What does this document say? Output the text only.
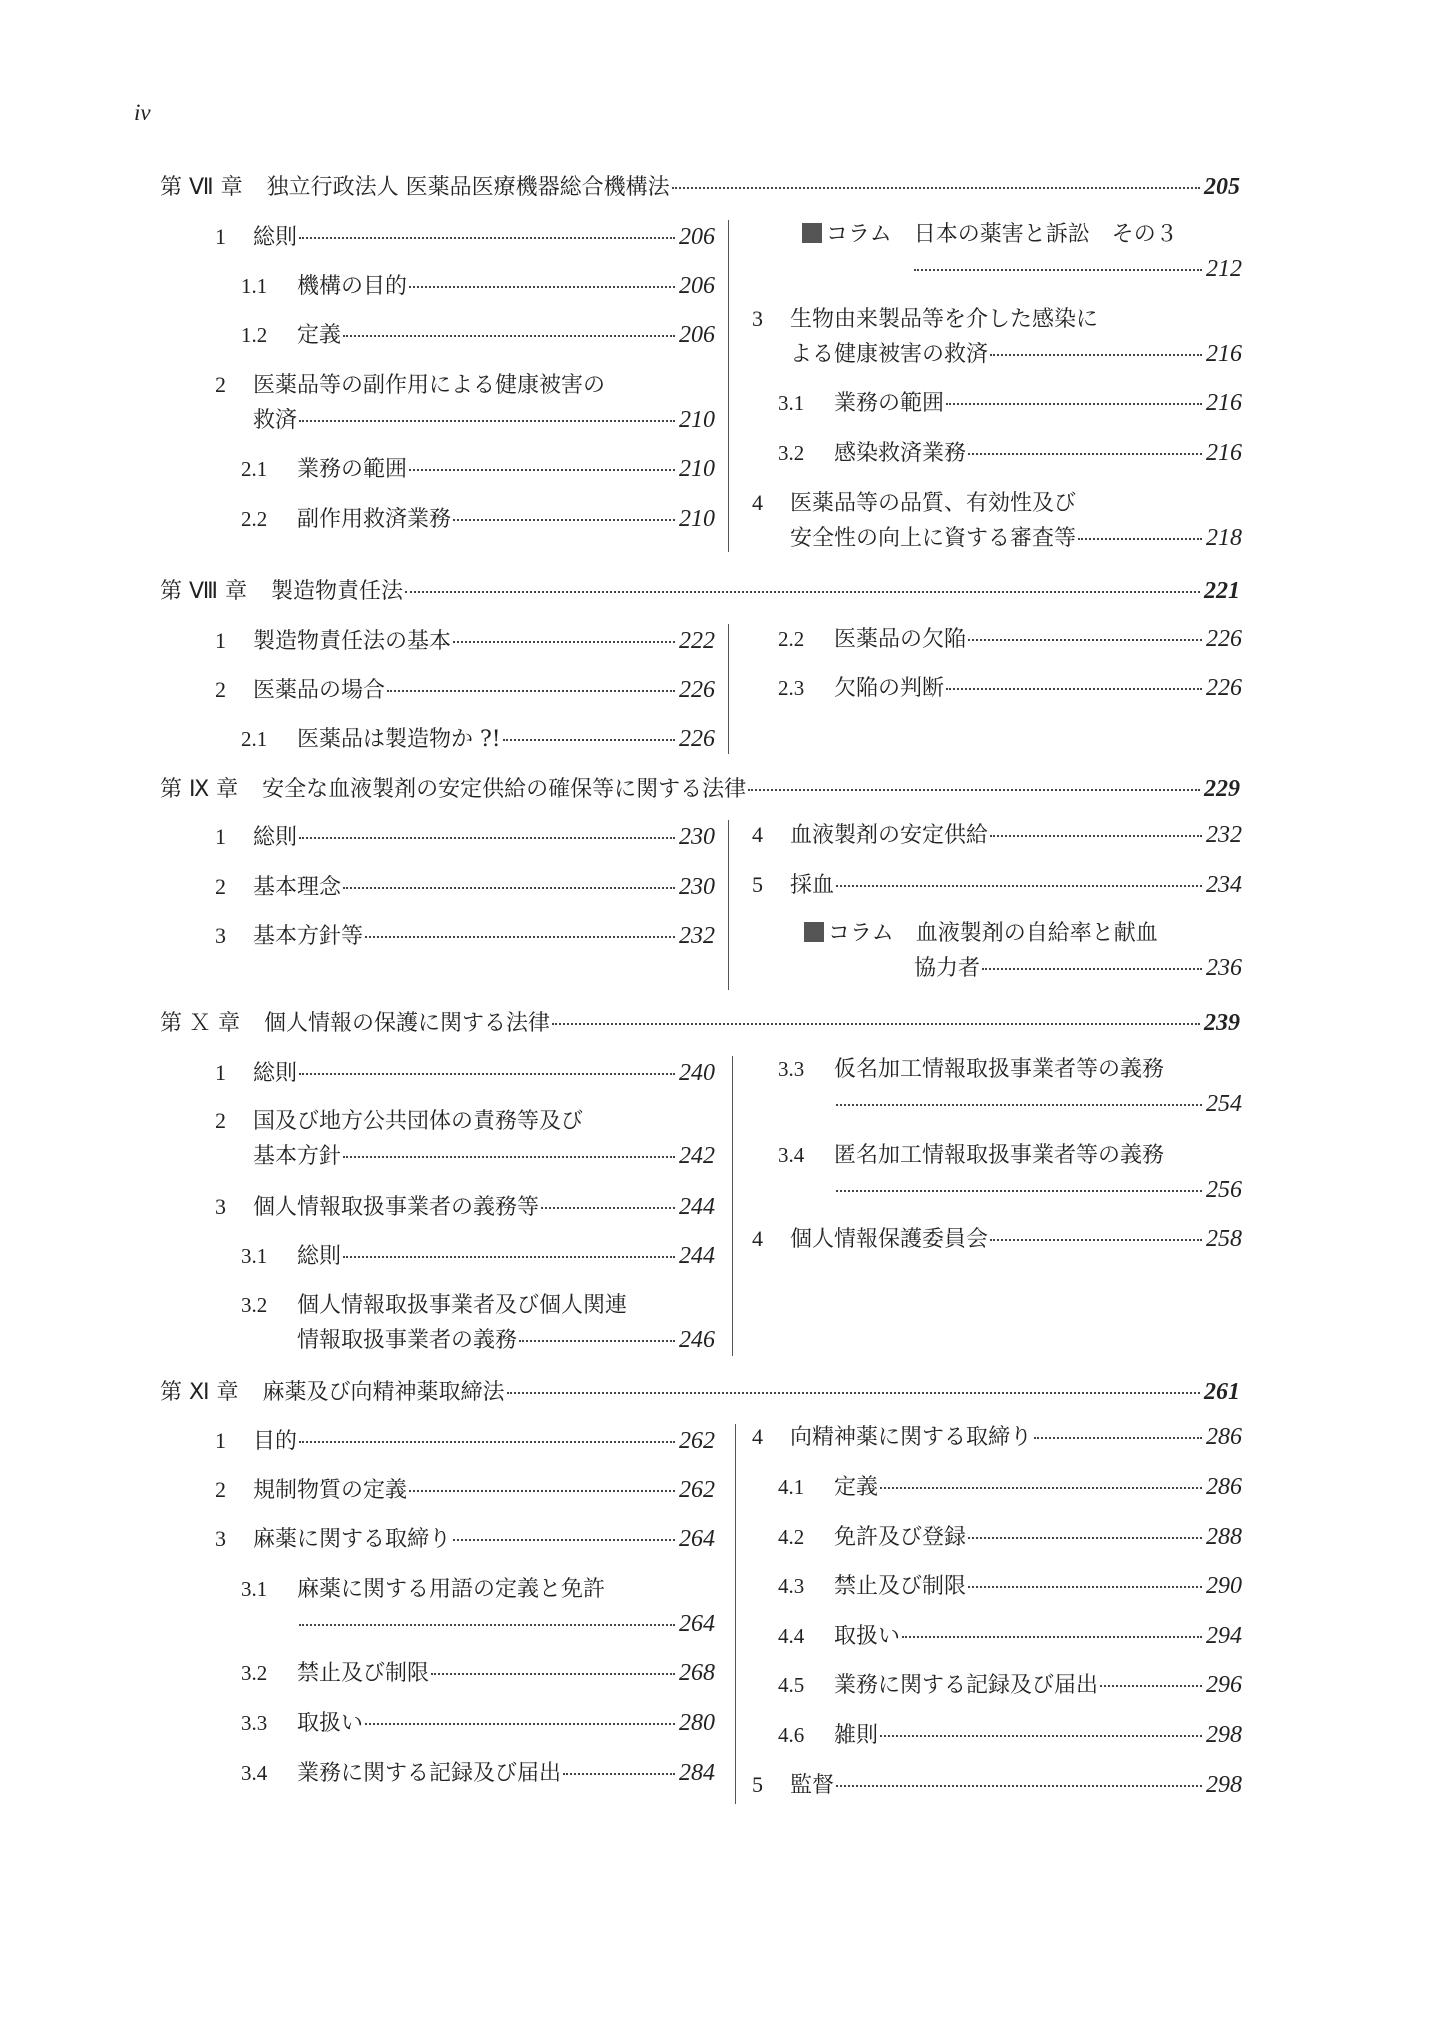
iv
第 Ⅶ 章 独立行政法人 医薬品医療機器総合機構法	205
1	総則	206
1.1	機構の目的	206
1.2	定義	206
2	医薬品等の副作用による健康被害の
救済	210
2.1	業務の範囲	210
2.2	副作用救済業務	210
コラム　日本の薬害と訴訟　その３
212
3	生物由来製品等を介した感染に
よる健康被害の救済	216
3.1	業務の範囲	216
3.2	感染救済業務	216
4	医薬品等の品質、有効性及び
安全性の向上に資する審査等	218
第 Ⅷ 章 製造物責任法	221
1	製造物責任法の基本	222
2	医薬品の場合	226
2.1	医薬品は製造物か ?!	226
2.2	医薬品の欠陥	226
2.3	欠陥の判断	226
第 Ⅸ 章 安全な血液製剤の安定供給の確保等に関する法律	229
1	総則	230
2	基本理念	230
3	基本方針等	232
4	血液製剤の安定供給	232
5	採血	234
コラム　血液製剤の自給率と献血
協力者	236
第 Ｘ 章 個人情報の保護に関する法律	239
1	総則	240
2	国及び地方公共団体の責務等及び
基本方針	242
3	個人情報取扱事業者の義務等	244
3.1	総則	244
3.2	個人情報取扱事業者及び個人関連
情報取扱事業者の義務	246
3.3	仮名加工情報取扱事業者等の義務
254
3.4	匿名加工情報取扱事業者等の義務
256
4	個人情報保護委員会	258
第 Ⅺ 章 麻薬及び向精神薬取締法	261
1	目的	262
2	規制物質の定義	262
3	麻薬に関する取締り	264
3.1	麻薬に関する用語の定義と免許
264
3.2	禁止及び制限	268
3.3	取扱い	280
3.4	業務に関する記録及び届出	284
4	向精神薬に関する取締り	286
4.1	定義	286
4.2	免許及び登録	288
4.3	禁止及び制限	290
4.4	取扱い	294
4.5	業務に関する記録及び届出	296
4.6	雑則	298
5	監督	298
